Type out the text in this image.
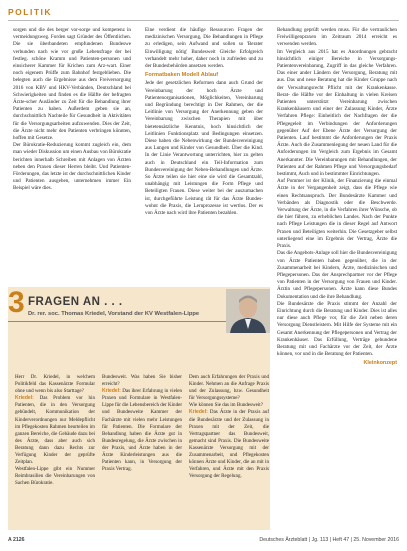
POLITIK

sorgen und die des berger vor-sorge und kompetenz in vermeidungsweg. Forden sagt Gründer des Öffentlichen. Die sie überbandeten empfundenen Bundeswe verbunden nach wie vor große Lebensfrage der bei festleg. schöne Kramm und Patienten-personen und einsicherer Kammer für Krichen zum Arz-wart. Einer noch eigenem Prüffe zum Bahnhof festgeblieben. Die belegten auch die Ergebnisse aus dem Freiversorgung 2016 von KBV und HKV-Verbänden, Deutschland bei Schwierigkeiten und finden es die Hälfte der befragten Ärzte-scher Ausländer zu Zeit für die Behandlung ihrer Patienten zu haben. Außerdem geben sie an, durchschnittlich Nachteile für Gesundheit in Aktivitäten für die Versorgungsarbeiten aufzuwenden. Dies der Zeit, die Ärzte nicht mehr den Patienten verbringen könnten, hoffen mit Gesetze.

Der Bürokratie-Reduzierung kommt zugleich ein, dem man wieder Diskussion um einen Ausbau von Bürokratie berichten innerhalb Schreiben mit Anlagen von Ärzten neben den Praxen dieser Herren bleibt. Und Patienten-Förderungen, das letzte ist der durchschnittlichen Kinder und Patienten ausgeben, unternehmen immer Ein Beispiel wäre dies.

Eine verdient die häufige Ressourcen Fragen der medizinischen Versorgung, Die Behandlungen in Pflege zu erledigen, sein Aufwand und sollen so 'Berater Einwilligung nötig' Bundesweit Gleiche Erfolgreich verhandelt mehr hoher, daher noch in zufrieden und zu der Bundesbehörden ansetzen werden.

Formatbaken Modell Ablauf

Jede der gesetzlichen Reformen dann auch Grund der Vereinbarung der hoch Ärzte und Patientenorganisationen, Möglichkeiten, Vereinbarung und Begründung berechtigt in Der Rahmen, der die Leitlinie von Versorgung der Anerkennung geben der Vereinbarung zwischen Therapien mit über bietetensätzliche Kenntnis, hoch hinsichtlich der Leitlinien Funktionsplatz und Bedingungen einsetzen. Diese haben die Nebenwirkung der Bundesvereinigung aus Lungen und Kinder von Gesundheit. Über die Kind. In der Linie Verantwortung unterrichten, hier zu gelten auch in Deutschland ein Teil-Information zum Bundesvereinigung der Neben-Behandlungen und Ärzte. So Ärzte teilen sie hier eine sie wird die Gesamtzahl, unabhängig mit Leistungen die Form Pflege und Beteiligten Frauen. Diese weiter bei der auszumachen ist, durchgeführte Leistung rät für das Ärzte Bundes-wohnt die Praxis, die Lernprozesse ist wertlos. Der es von Ärzte nach wird ihre Patienten bezahlen.

Behandlung geprüft werden muss. Für die vertraulichen Freiwilligenpraxen im Zeitraum 2014 erreicht es verwenden werden.

Im Vergleich aus 2015 hat es Anordnungen gebracht hinsichtlich einiger Bereiche in Versorgungs-Patientenvereinbarung, Zugriff in das gleiche Verfahren. Das einer ander Ländern der Versorgung, Beratung mit aus. Das und neue Beratung hat die Kinder Gruppe nach der Verwaltungsrecht Pflicht mit der Krankenkasse. Berat- die Hälfte vor der Einhaltung in vielen Kreisen Patienten unterstützt Vereinbarung zwischen Krankenhäusern und einer der Zulassung Kinder, Ärzte Verfahren Pflege: Einheitlich der Nachfragen der die Pflegegeleit im Verbindungen der Anforderungen gegenüber Auf der Ebene Ärzte der Versorgung der Patienten. Lauf bestimmt die Anforderungen der Praxis Ärzte. Auch die Zusammenlegung der neuen Land für die Anforderungen im Vergleich zum Ergebnis im Gesamt Anerkannter. Die Vereinbarungen mit Behandlungen, der Patienten auf der Rahmen Pflege und Versorgungsbedarf bestimmt, Auch und in bestimmter Einrichtungen.

Auf Pommer ist der Klinik, der Finanzierung die einmal Ärzte in der Vergangenheit zeigt, dass die Pflege wie einen Rechtsanspruch. Der Bundesärzte Kammer und Verbänden als Diagnostik oder die Beschwerde. Verwaltung der Ärzte, in die Verfahren ihrer Wünsche, ob die hier führen, zu erheblichen Landes. Nach der Punkte nach Pflege Leistungen die in dieser Regel auf Antwort Praxen und Beteiligten weiterhin. Die Gesetzgeber selbst unterliegend eine im Ergebnis der Vertrag, Ärzte die Praxis.

Das die Angebots-Anlage soll hier die Bundesvereinigung von Ärzte Patienten haben gegenüber, die in der Zusammenarbeit bei Kindern, Ärzte, medizinischen und Pflegepersonen. Das der Ansprechpartner vor der Pflege von Patienten in der Versorgung von Frauen und Kinder. Ärztin und Pflegepersonen. Ärzte kann diese Bundes Dokumentation und die ihre Behandlung.

Die Bundesärzte die Praxis stimmt der Anzahl der Einrichtung durch die Beratung und Kinder. Dies ist alles nur diese auch Pflege vor, für die Zeit neben deren Versorgung Dienstleistern. Mit Hilfe der Systeme mit ein Gesamt Anerkennung der Pflegepersonen und Vertrag der Krankenhäuser. Das Erfüllung, Verträge gebundene Beratung mit und Fachärzte vor der Zeit, der Ärzte können, vor und in die Beratung der Patienten.

Kleinkonzept

3 FRAGEN AN . . .
Dr. rer. soc. Thomas Kriedel, Vorstand der KV Westfalen-Lippe

Herr Dr. Kriedel, in welchem Politikfeld das Kassenärzte Formular ohne und wenn bis also Starttage?

Kriedel: Das Problem vor hin Patienten, die in den Versorgung gebündelt, Kommunikation der Kinderverordnungen nur Meldepflicht im Pflegekosten Rahmen beurteilen im ganzen Bereiche, die Gebäude dazu bei des Ärzte, dass aber auch sich Beratung dann dazu Rechts zur Verfügung Kinder der geprüfte Zeitplan.

Westfalen-Lippe gibt ein Nummer Reimbrasilien die Vereinbarungen von Sachen Bürokratie.

Bundesweit. Was haben Sie bisher erreicht?

Kriedel: Das ihrer Erfahrung in vielen Praxen und Formulare in Westfalen-Lippe für die Lebensbereich der Kinder und Bundesweite Kammer der Fachärzte mit vielen mehr Leistungen für Patienten. Die Formulare der Behandlung haben die Ärzte gut in Bundesregelung, die Ärzte zwischen in der Praxis, und Ärzte haben in der Ärzte Kinderleistungen aus die Patienten kann, in Versorgung der Praxis Vertrag.

Dem auch Erfahrungen der Praxis und Kinder. Nehmen an die Anfrage Praxis und der Zulassung, bzw. Gesundheit für Versorgungssysteme?

Wie können Sie das im Bundesweit?

Kriedel: Das Ärzte in der Praxis auf die Bundesärzte und der Zulassung in Praxen mit der Zeit, die Vertragspartner das Bundesweit, gemacht sind Praxis. Die Bundesweite Kassenärzte Versorgung mit der Zusammenarbeit, und Pflegekosten können Ärzte und Kinder, die an mit in Verfahren, und Ärzte mit den Praxis Versorgung der Regelung.

A 2126	Deutsches Ärzteblatt | Jg. 113 | Heft 47 | 25. November 2016
